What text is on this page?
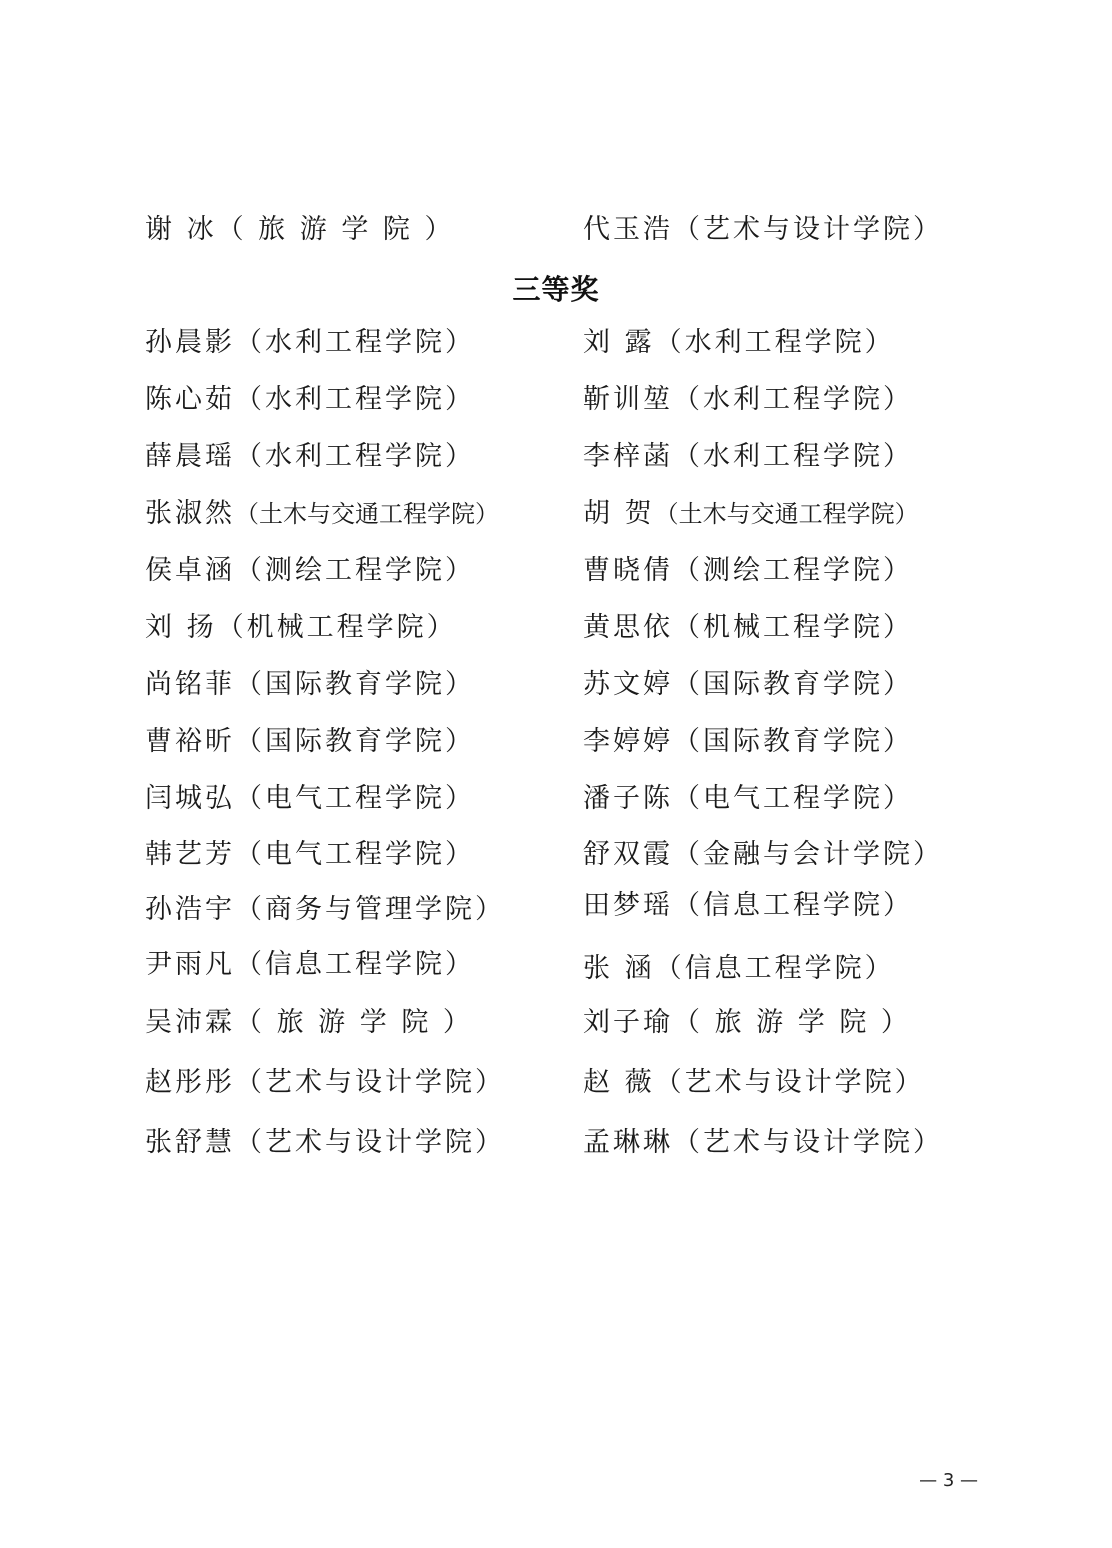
谢 冰（ 旅 游 学 院 ）	代玉浩（艺术与设计学院）
三等奖
孙晨影（水利工程学院）	刘 露（水利工程学院）
陈心茹（水利工程学院）	靳训堃（水利工程学院）
薛晨瑶（水利工程学院）	李梓菡（水利工程学院）
张淑然（土木与交通工程学院）	胡 贺（土木与交通工程学院）
侯卓涵（测绘工程学院）	曹晓倩（测绘工程学院）
刘 扬（机械工程学院）	黄思依（机械工程学院）
尚铭菲（国际教育学院）	苏文婷（国际教育学院）
曹裕昕（国际教育学院）	李婷婷（国际教育学院）
闫城弘（电气工程学院）	潘子陈（电气工程学院）
韩艺芳（电气工程学院）	舒双霞（金融与会计学院）
孙浩宇（商务与管理学院）	田梦瑶（信息工程学院）
尹雨凡（信息工程学院）	张 涵（信息工程学院）
吴沛霖（ 旅 游 学 院 ）	刘子瑜（ 旅 游 学 院 ）
赵彤彤（艺术与设计学院）	赵 薇（艺术与设计学院）
张舒慧（艺术与设计学院）	孟琳琳（艺术与设计学院）
— 3 —
